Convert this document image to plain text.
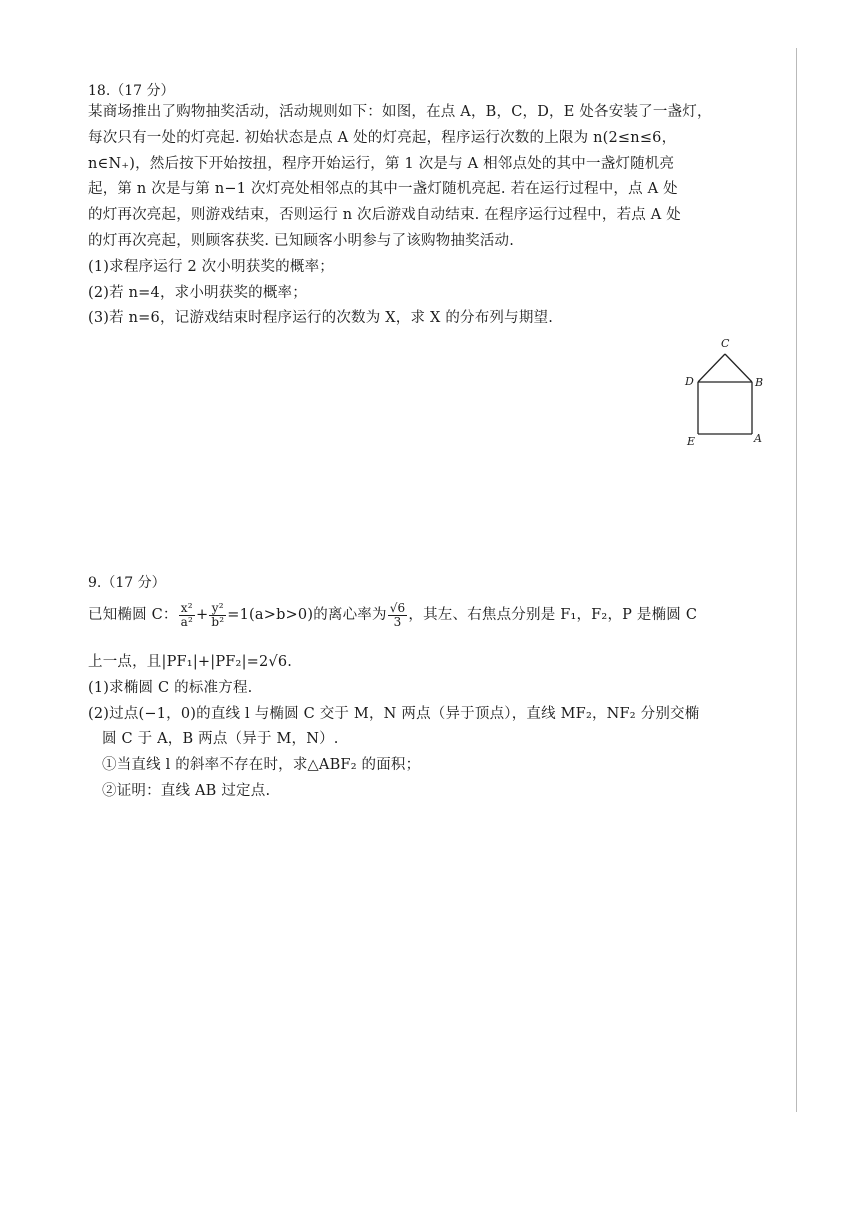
18.（17 分）
某商场推出了购物抽奖活动，活动规则如下：如图，在点 A，B，C，D，E 处各安装了一盏灯，
每次只有一处的灯亮起. 初始状态是点 A 处的灯亮起，程序运行次数的上限为 n(2≤n≤6，
n∈N₊)，然后按下开始按扭，程序开始运行，第 1 次是与 A 相邻点处的其中一盏灯随机亮
起，第 n 次是与第 n−1 次灯亮处相邻点的其中一盏灯随机亮起. 若在运行过程中，点 A 处
的灯再次亮起，则游戏结束，否则运行 n 次后游戏自动结束. 在程序运行过程中，若点 A 处
的灯再次亮起，则顾客获奖. 已知顾客小明参与了该购物抽奖活动.
(1)求程序运行 2 次小明获奖的概率；
(2)若 n=4，求小明获奖的概率；
(3)若 n=6，记游戏结束时程序运行的次数为 X，求 X 的分布列与期望.
C
D	B
E	A
9.（17 分）
已知椭圆 C： $\frac{\text{x²}}{\text{a²}} + \frac{\text{y²}}{\text{b²}} =1(a>b>0)$的离心率为 $\frac{√6}{3}$ ，其左、右焦点分别是 F₁，F₂，P 是椭圆 C
上一点，且|PF₁|+|PF₂|=2√6.
(1)求椭圆 C 的标准方程.
(2)过点(−1，0)的直线 l 与椭圆 C 交于 M，N 两点（异于顶点），直线 MF₂，NF₂ 分别交椭
圆 C 于 A，B 两点（异于 M，N）.
①当直线 l 的斜率不存在时，求△ABF₂ 的面积；
②证明：直线 AB 过定点.
